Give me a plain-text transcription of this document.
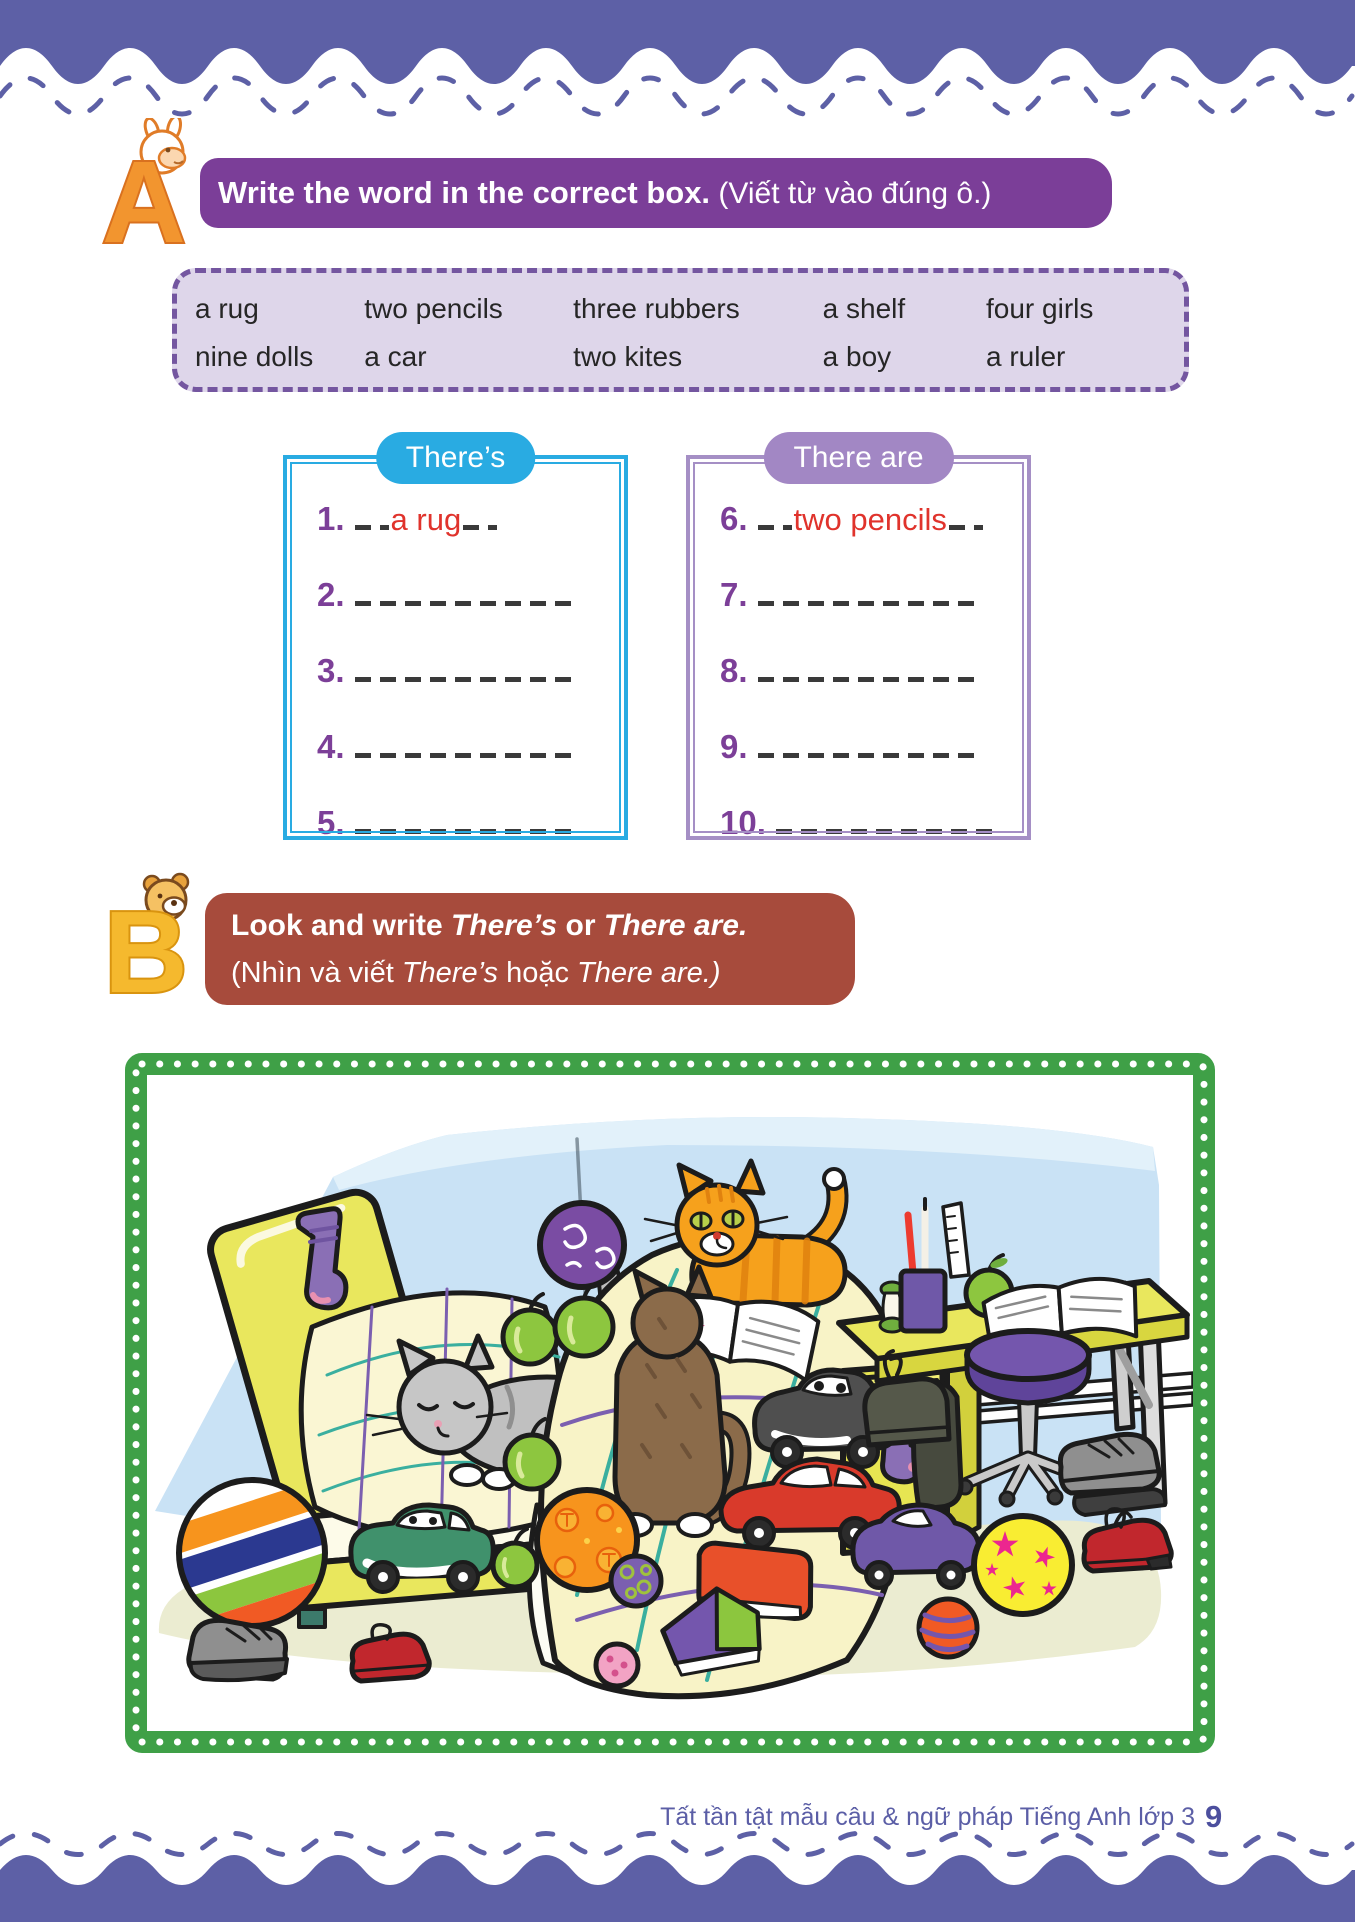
Write the word in the correct box. (Viết từ vào đúng ô.)
A
a rug	two pencils	three rubbers	a shelf	four girls
nine dolls	a car	two kites	a boy	a ruler
There’s
1. a rug
2.
3.
4.
5.
There are
6. two pencils
7.
8.
9.
10.
Look and write There’s or There are.
(Nhìn và viết There’s hoặc There are.)
B
Tất tần tật mẫu câu & ngữ pháp Tiếng Anh lớp 3 9
